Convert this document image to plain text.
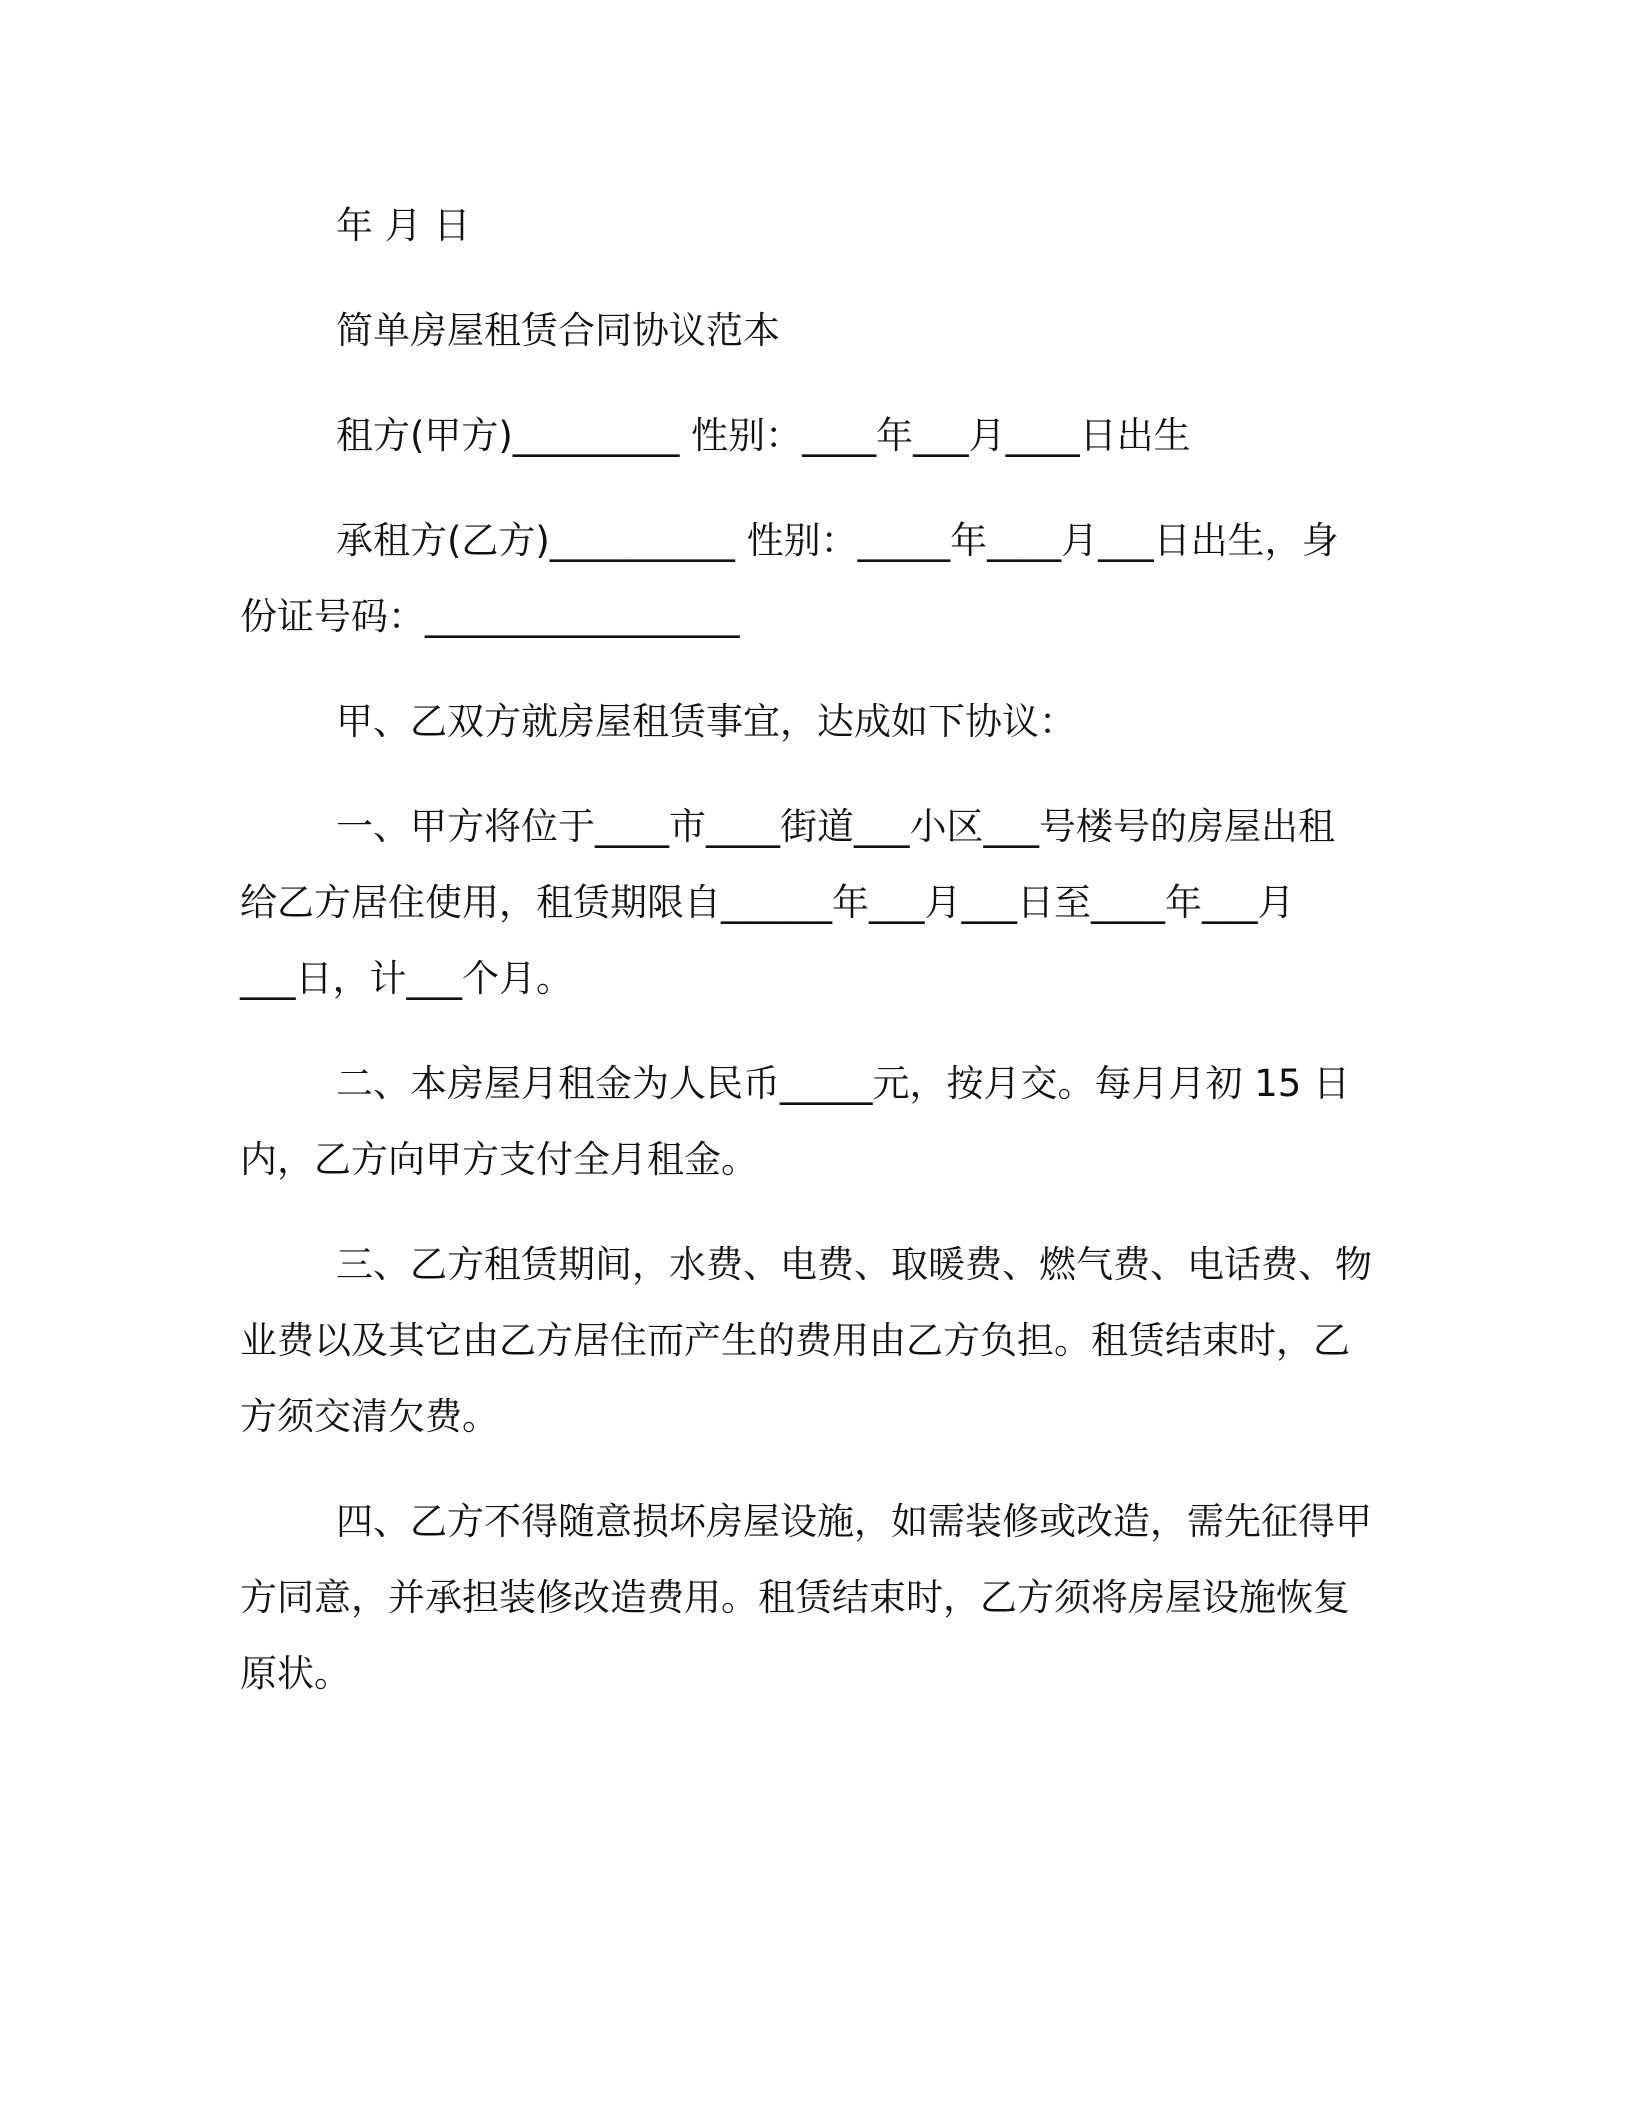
年 月 日
简单房屋租赁合同协议范本
租方(甲方)_________ 性别：____年___月____日出生
承租方(乙方)__________ 性别：_____年____月___日出生，身
份证号码：_________________
甲、乙双方就房屋租赁事宜，达成如下协议：
一、甲方将位于____市____街道___小区___号楼号的房屋出租
给乙方居住使用，租赁期限自______年___月___日至____年___月
___日，计___个月。
二、本房屋月租金为人民币_____元，按月交。每月月初 15 日
内，乙方向甲方支付全月租金。
三、乙方租赁期间，水费、电费、取暖费、燃气费、电话费、物
业费以及其它由乙方居住而产生的费用由乙方负担。租赁结束时，乙
方须交清欠费。
四、乙方不得随意损坏房屋设施，如需装修或改造，需先征得甲
方同意，并承担装修改造费用。租赁结束时，乙方须将房屋设施恢复
原状。
